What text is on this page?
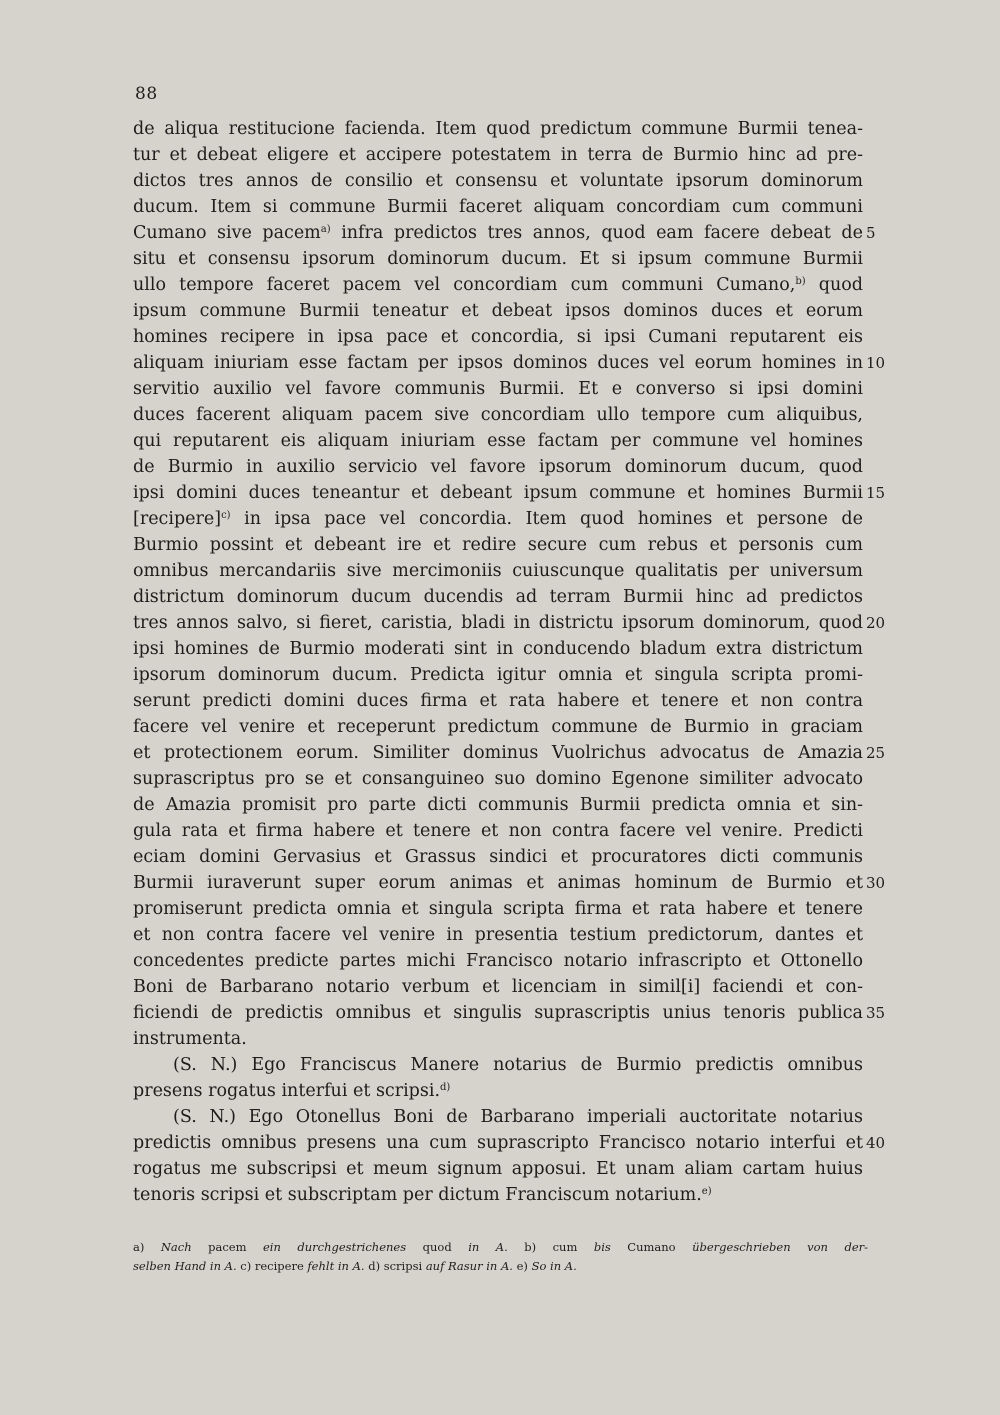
88
de aliqua restitucione facienda. Item quod predictum commune Burmii tenea-
tur et debeat eligere et accipere potestatem in terra de Burmio hinc ad pre-
dictos tres annos de consilio et consensu et voluntate ipsorum dominorum
ducum. Item si commune Burmii faceret aliquam concordiam cum communi
Cumano sive pacem$^{a)}$ infra predictos tres annos, quod eam facere debeat de 5
situ et consensu ipsorum dominorum ducum. Et si ipsum commune Burmii
ullo tempore faceret pacem vel concordiam cum communi Cumano,$^{b)}$ quod
ipsum commune Burmii teneatur et debeat ipsos dominos duces et eorum
homines recipere in ipsa pace et concordia, si ipsi Cumani reputarent eis
aliquam iniuriam esse factam per ipsos dominos duces vel eorum homines in 10
servitio auxilio vel favore communis Burmii. Et e converso si ipsi domini
duces facerent aliquam pacem sive concordiam ullo tempore cum aliquibus,
qui reputarent eis aliquam iniuriam esse factam per commune vel homines
de Burmio in auxilio servicio vel favore ipsorum dominorum ducum, quod
ipsi domini duces teneantur et debeant ipsum commune et homines Burmii 15
[recipere]$^{c)}$ in ipsa pace vel concordia. Item quod homines et persone de
Burmio possint et debeant ire et redire secure cum rebus et personis cum
omnibus mercandariis sive mercimoniis cuiuscunque qualitatis per universum
districtum dominorum ducum ducendis ad terram Burmii hinc ad predictos
tres annos salvo, si fieret, caristia, bladi in districtu ipsorum dominorum, quod 20
ipsi homines de Burmio moderati sint in conducendo bladum extra districtum
ipsorum dominorum ducum. Predicta igitur omnia et singula scripta promi-
serunt predicti domini duces firma et rata habere et tenere et non contra
facere vel venire et receperunt predictum commune de Burmio in graciam
et protectionem eorum. Similiter dominus Vuolrichus advocatus de Amazia 25
suprascriptus pro se et consanguineo suo domino Egenone similiter advocato
de Amazia promisit pro parte dicti communis Burmii predicta omnia et sin-
gula rata et firma habere et tenere et non contra facere vel venire. Predicti
eciam domini Gervasius et Grassus sindici et procuratores dicti communis
Burmii iuraverunt super eorum animas et animas hominum de Burmio et 30
promiserunt predicta omnia et singula scripta firma et rata habere et tenere
et non contra facere vel venire in presentia testium predictorum, dantes et
concedentes predicte partes michi Francisco notario infrascripto et Ottonello
Boni de Barbarano notario verbum et licenciam in simil[i] faciendi et con-
ficiendi de predictis omnibus et singulis suprascriptis unius tenoris publica 35
instrumenta.
(S. N.) Ego Franciscus Manere notarius de Burmio predictis omnibus
presens rogatus interfui et scripsi.$^{d)}$
(S. N.) Ego Otonellus Boni de Barbarano imperiali auctoritate notarius
predictis omnibus presens una cum suprascripto Francisco notario interfui et 40
rogatus me subscripsi et meum signum apposui. Et unam aliam cartam huius
tenoris scripsi et subscriptam per dictum Franciscum notarium.$^{e)}$
a) Nach pacem ein durchgestrichenes quod in A. b) cum bis Cumano übergeschrieben von der-
selben Hand in A. c) recipere fehlt in A. d) scripsi auf Rasur in A. e) So in A.
